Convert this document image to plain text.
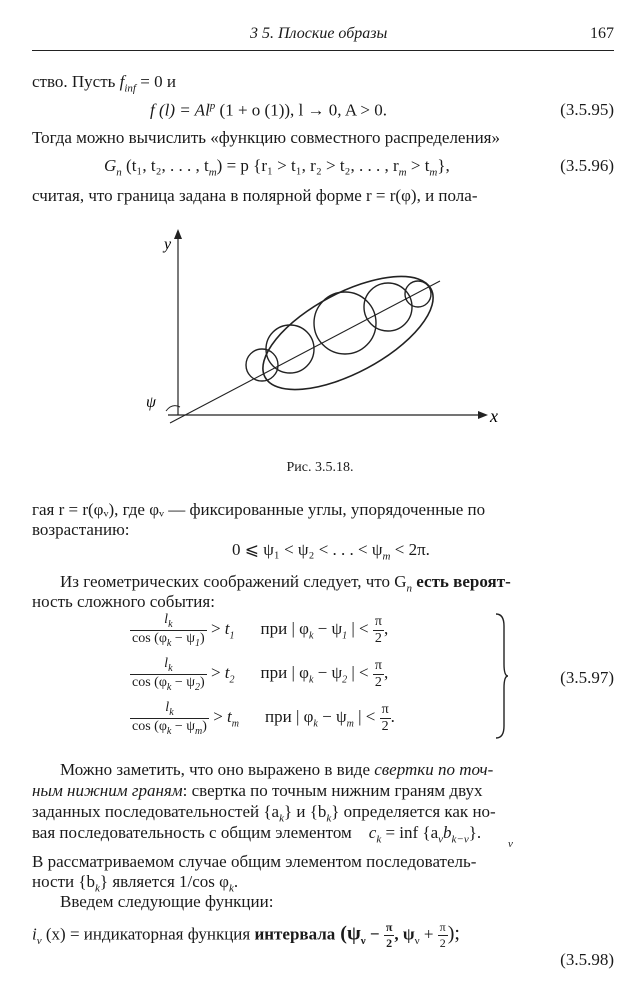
3 5. Плоские образы	167
ство. Пусть $f_{inf} = 0$ и
f $(l) = Al^p$ (1 + o (1)), l → 0, A > 0.	(3.5.95)
Тогда можно вычислить «функцию совместного распределения»
$G_n$ (t₁, t₂, . . . , $t_m) = p$ {r₁ > t₁, r₂ > t₂, . . . , $r_m > t_m$},	(3.5.96)
считая, что граница задана в полярной форме r = r(φ), и пола-
y
x
ψ
Рис. 3.5.18.
гая r = r(φᵥ), где φᵥ — фиксированные углы, упорядоченные по
возрастанию:
0 ⩽ ψ₁ < ψ₂ < . . . < $\psi_m < 2\pi$.
Из геометрических соображений следует, что $G_n$ есть вероят-
ность сложного события:
$\frac{l_k}{\cos (\varphi_k - \psi_1)} > t_1$ при | $\varphi_k - \psi_1$ | < $\frac{\pi}{2}$ ,
$\frac{l_k}{\cos (\varphi_k - \psi_2)} > t_2$ при | $\varphi_k - \psi_2$ | < $\frac{\pi}{2}$ ,
$\frac{l_k}{\cos (\varphi_k - \psi_m)} > t_m$ при | $\varphi_k - \psi_m$ | < $\frac{\pi}{2}$ .
(3.5.97)
Можно заметить, что оно выражено в виде свертки по точ-
ным нижним граням: свертка по точным нижним граням двух
заданных последовательностей $\{a_k\}$ и $\{b_k\}$ определяется как но-
вая последовательность с общим элементом $c_k$ = inf $\{a_\nu b_{k-\nu}\}$.
ν
В рассматриваемом случае общим элементом последователь-
ности $\{b_k\}$ является 1/cos $\varphi_k$.
Введем следующие функции:
$i_\nu$ (x) = индикаторная функция интервала ($\psi_\nu - \frac{\pi}{2}$ , $\psi_\nu + \frac{\pi}{2}$ );
(3.5.98)
